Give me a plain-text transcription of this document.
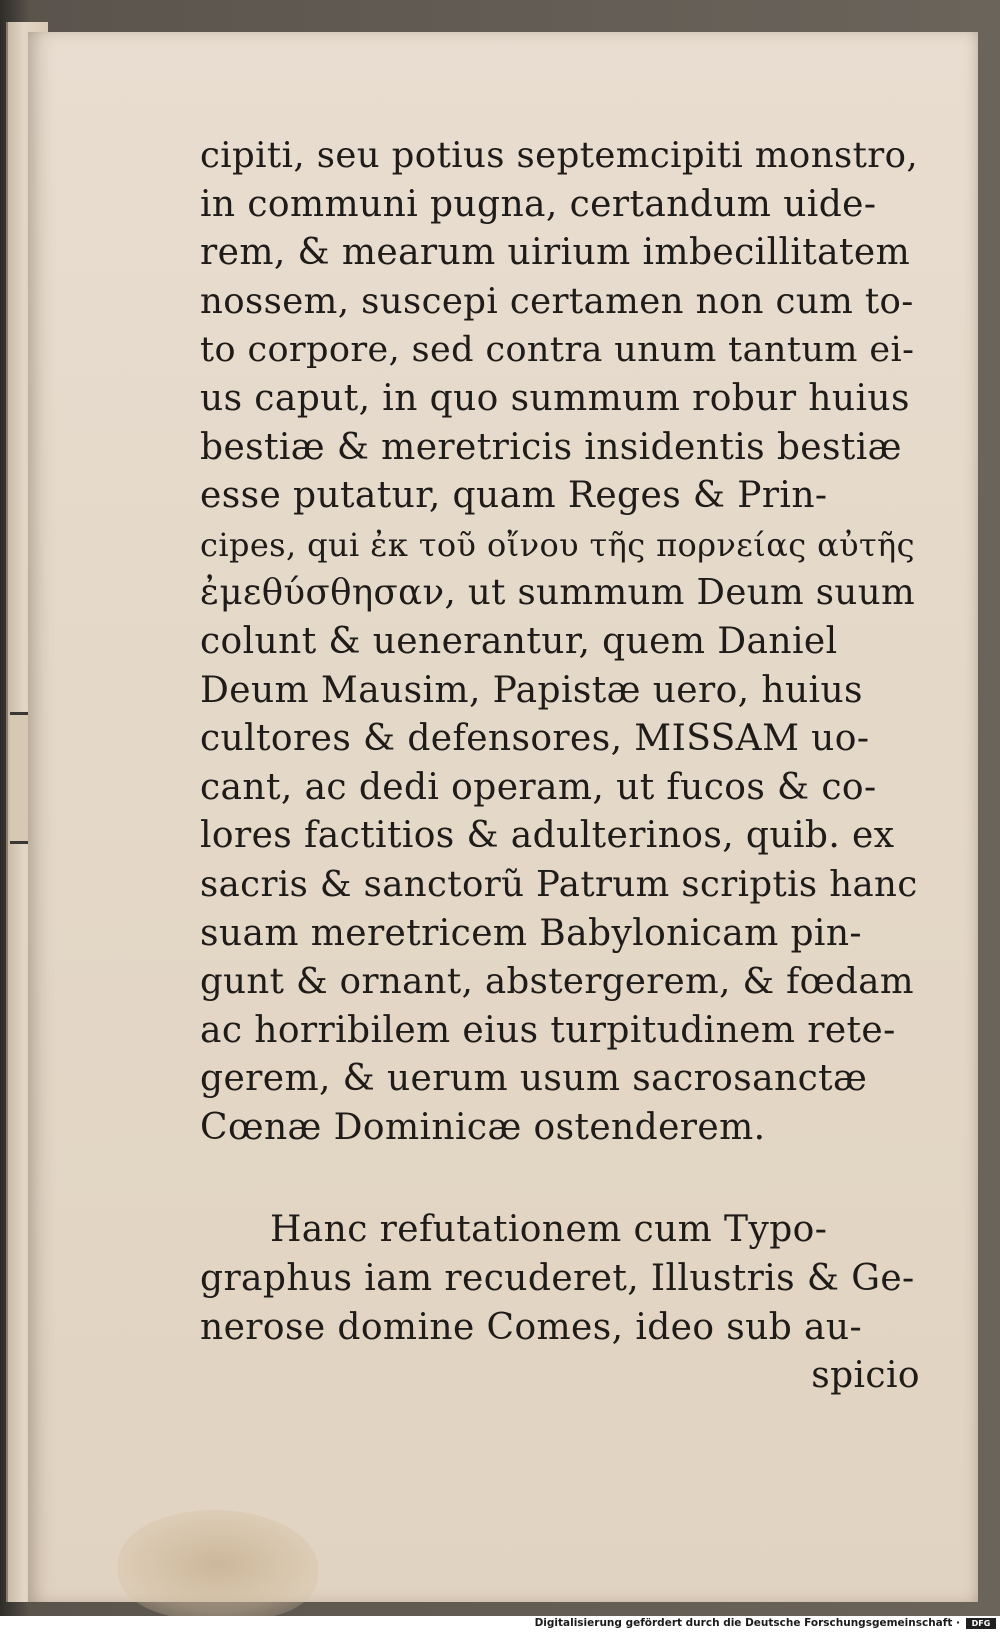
cipiti, seu potius septemcipiti monstro,
in communi pugna, certandum uide-
rem, & mearum uirium imbecillitatem
nossem, suscepi certamen non cum to-
to corpore, sed contra unum tantum ei-
us caput, in quo summum robur huius
bestiæ & meretricis insidentis bestiæ
esse putatur, quam Reges & Prin-
cipes, qui ἐκ τοῦ οἴνου τῆς πορνείας αὐτῆς
ἐμεθύσθησαν, ut summum Deum suum
colunt & uenerantur, quem Daniel
Deum Mausim, Papistæ uero, huius
cultores & defensores, MISSAM uo-
cant, ac dedi operam, ut fucos & co-
lores factitios & adulterinos, quib. ex
sacris & sanctorũ Patrum scriptis hanc
suam meretricem Babylonicam pin-
gunt & ornant, abstergerem, & fœdam
ac horribilem eius turpitudinem rete-
gerem, & uerum usum sacrosanctæ
Cœnæ Dominicæ ostenderem.
Hanc refutationem cum Typo-
graphus iam recuderet, Illustris & Ge-
nerose domine Comes, ideo sub au-
spicio
Digitalisierung gefördert durch die Deutsche Forschungsgemeinschaft ·	DFG
